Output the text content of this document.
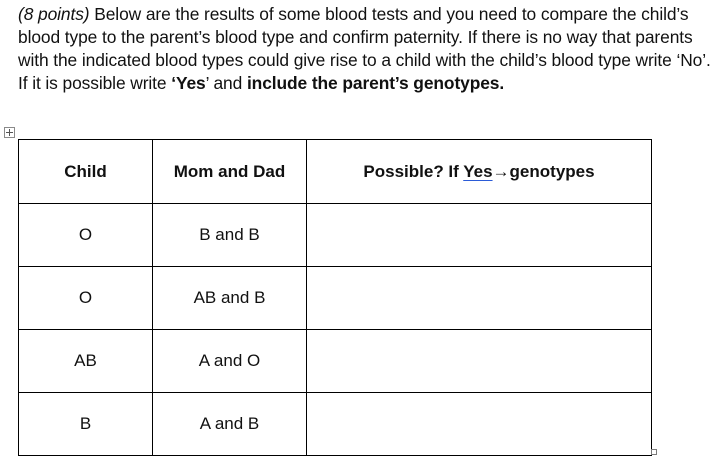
(8 points) Below are the results of some blood tests and you need to compare the child’s blood type to the parent’s blood type and confirm paternity. If there is no way that parents with the indicated blood types could give rise to a child with the child’s blood type write ‘No’. If it is possible write ‘Yes’ and include the parent’s genotypes.
Child	Mom and Dad	Possible? If Yes→genotypes
O	B and B	
O	AB and B	
AB	A and O	
B	A and B	
